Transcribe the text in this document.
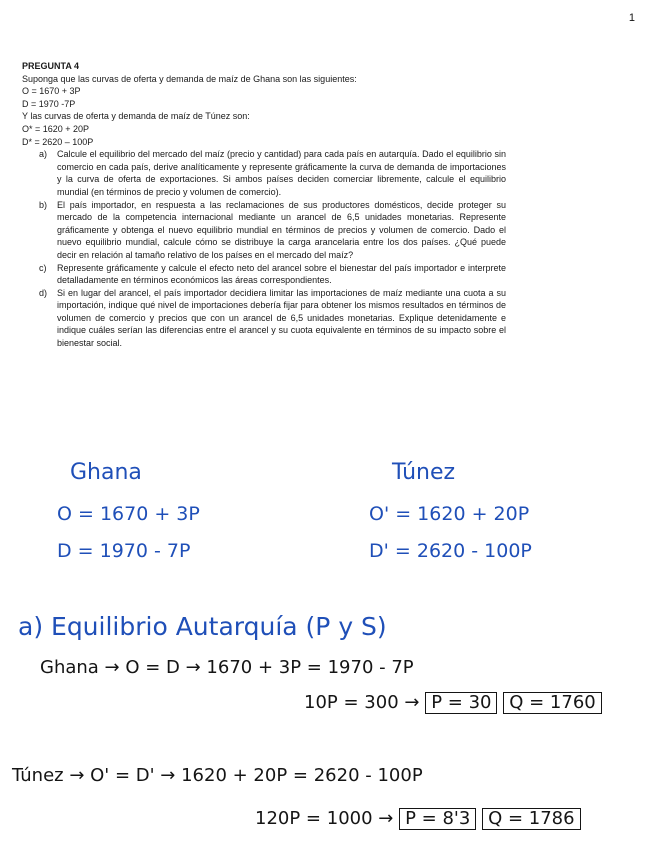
1
PREGUNTA 4
Suponga que las curvas de oferta y demanda de maíz de Ghana son las siguientes:
O = 1670 + 3P
D = 1970 -7P
Y las curvas de oferta y demanda de maíz de Túnez son:
O* = 1620 + 20P
D* = 2620 – 100P
a) Calcule el equilibrio del mercado del maíz (precio y cantidad) para cada país en autarquía. Dado el equilibrio sin comercio en cada país, derive analíticamente y represente gráficamente la curva de demanda de importaciones y la curva de oferta de exportaciones. Si ambos países deciden comerciar libremente, calcule el equilibrio mundial (en términos de precio y volumen de comercio).
b) El país importador, en respuesta a las reclamaciones de sus productores domésticos, decide proteger su mercado de la competencia internacional mediante un arancel de 6,5 unidades monetarias. Represente gráficamente y obtenga el nuevo equilibrio mundial en términos de precios y volumen de comercio. Dado el nuevo equilibrio mundial, calcule cómo se distribuye la carga arancelaria entre los dos países. ¿Qué puede decir en relación al tamaño relativo de los países en el mercado del maíz?
c) Represente gráficamente y calcule el efecto neto del arancel sobre el bienestar del país importador e interprete detalladamente en términos económicos las áreas correspondientes.
d) Si en lugar del arancel, el país importador decidiera limitar las importaciones de maíz mediante una cuota a su importación, indique qué nivel de importaciones debería fijar para obtener los mismos resultados en términos de volumen de comercio y precios que con un arancel de 6,5 unidades monetarias. Explique detenidamente e indique cuáles serían las diferencias entre el arancel y su cuota equivalente en términos de su impacto sobre el bienestar social.
Ghana	Túnez
O = 1670 + 3P	O' = 1620 + 20P
D = 1970 - 7P	D' = 2620 - 100P
a) Equilibrio Autarquía (P y S)
Ghana → O = D → 1670 + 3P = 1970 - 7P
10P = 300 → P = 30 Q = 1760
Túnez → O' = D' → 1620 + 20P = 2620 - 100P
120P = 1000 → P = 8'3 Q = 1786
